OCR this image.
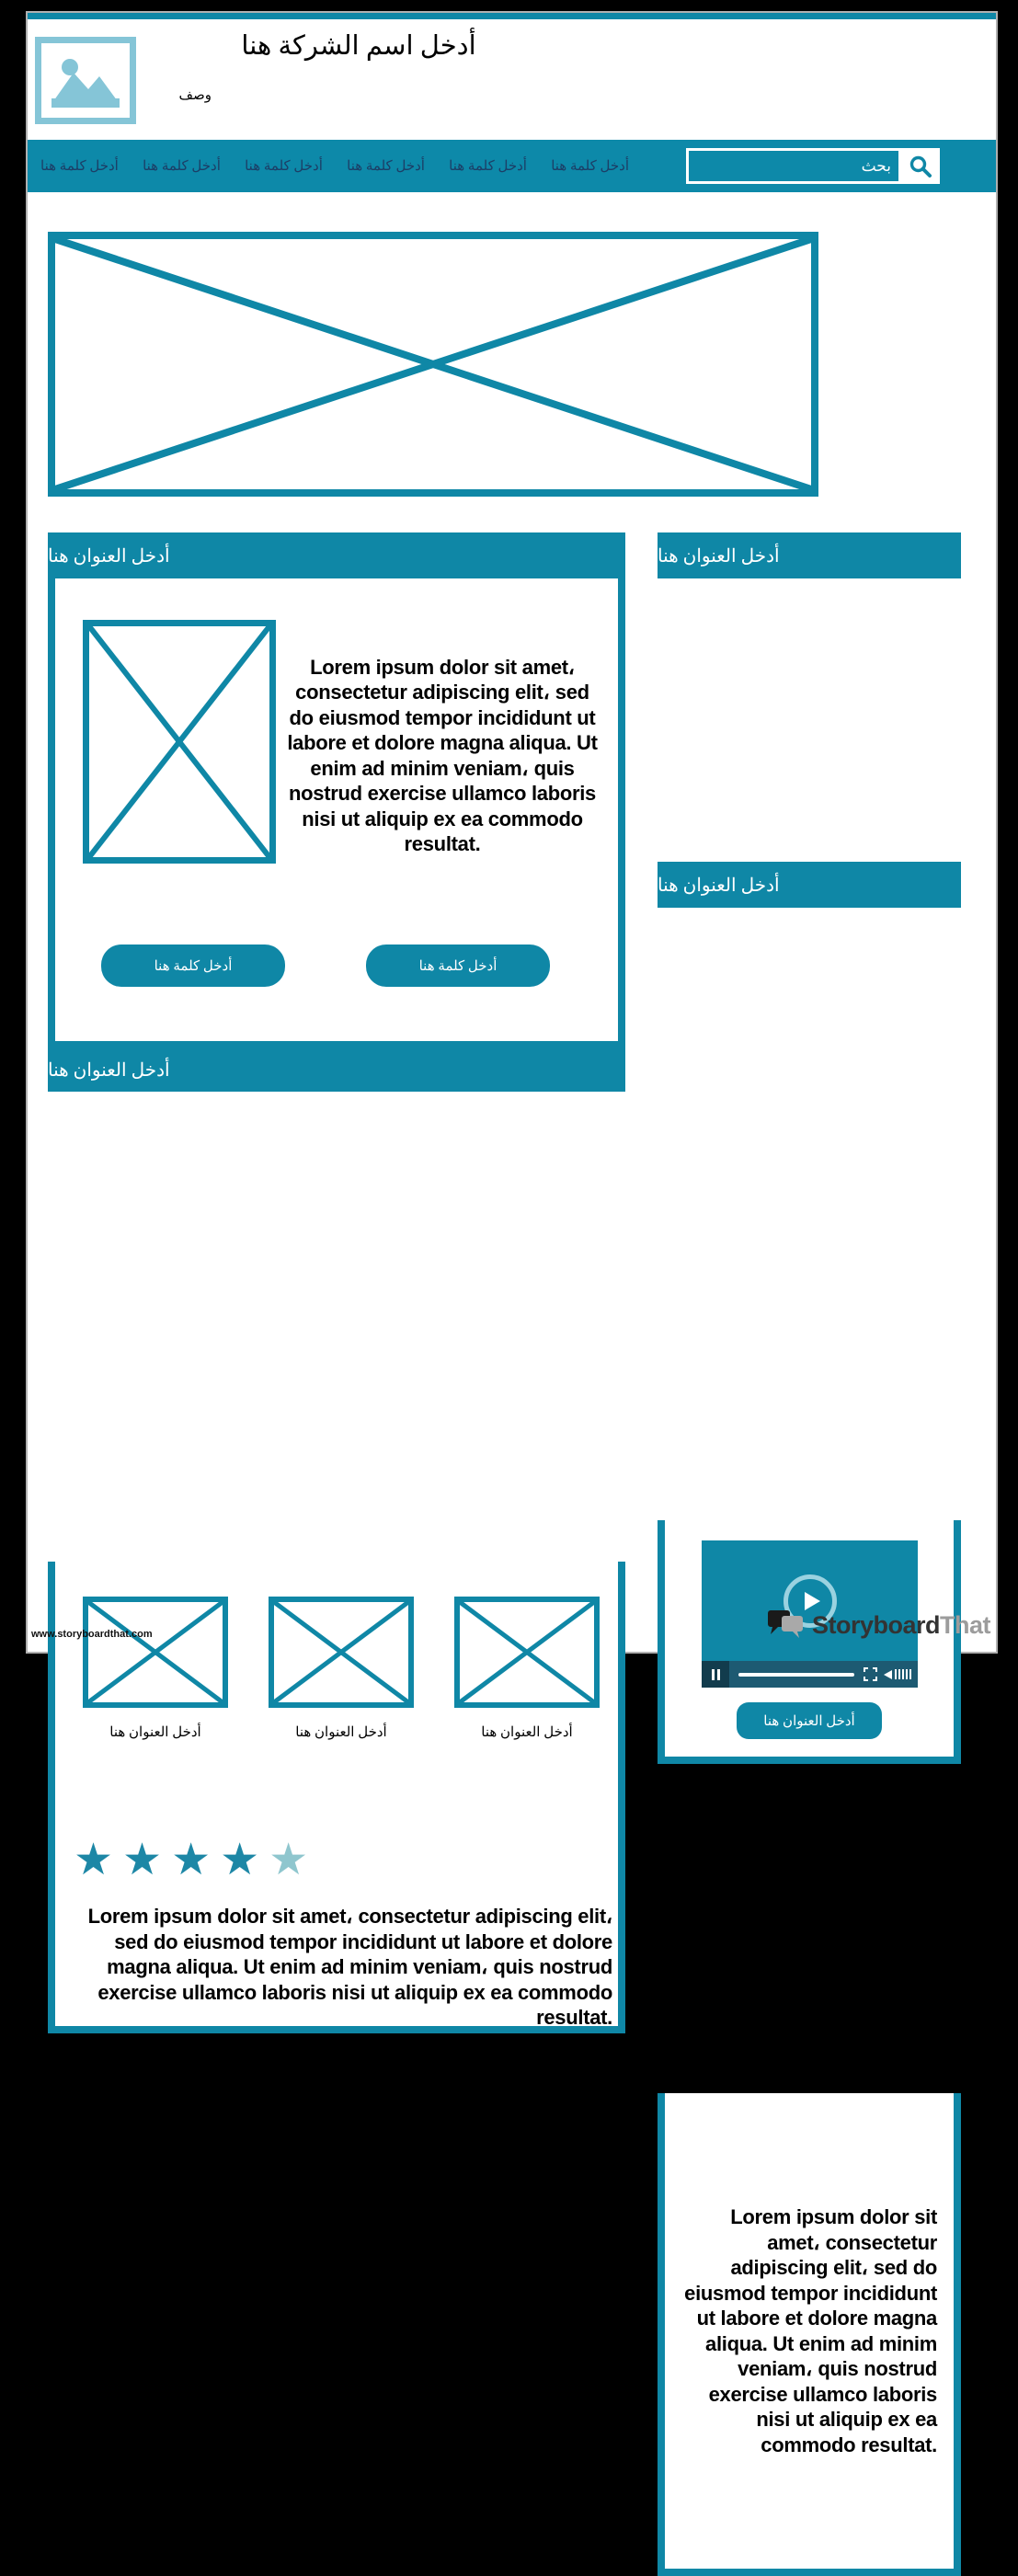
أدخل اسم الشركة هنا
وصف
أدخل كلمة هنا
أدخل كلمة هنا
أدخل كلمة هنا
أدخل كلمة هنا
أدخل كلمة هنا
أدخل كلمة هنا	بحث
أدخل العنوان هنا

Lorem ipsum dolor sit amet، consectetur adipiscing elit، sed do eiusmod tempor incididunt ut labore et dolore magna aliqua. Ut enim ad minim veniam، quis nostrud exercise ullamco laboris nisi ut aliquip ex ea commodo resultat.

أدخل كلمة هنا	أدخل كلمة هنا
أدخل العنوان هنا
أدخل العنوان هنا	أدخل العنوان هنا	أدخل العنوان هنا
★★★★★

Lorem ipsum dolor sit amet، consectetur adipiscing elit، sed do eiusmod tempor incididunt ut labore et dolore magna aliqua. Ut enim ad minim veniam، quis nostrud exercise ullamco laboris nisi ut aliquip ex ea commodo resultat.

أدخل العنوان هنا
أدخل العنوان هنا
أدخل العنوان هنا

Lorem ipsum dolor sit amet، consectetur adipiscing elit، sed do eiusmod tempor incididunt ut labore et dolore magna aliqua. Ut enim ad minim veniam، quis nostrud exercise ullamco laboris nisi ut aliquip ex ea commodo resultat.

www.storyboardthat.com	StoryboardThat
